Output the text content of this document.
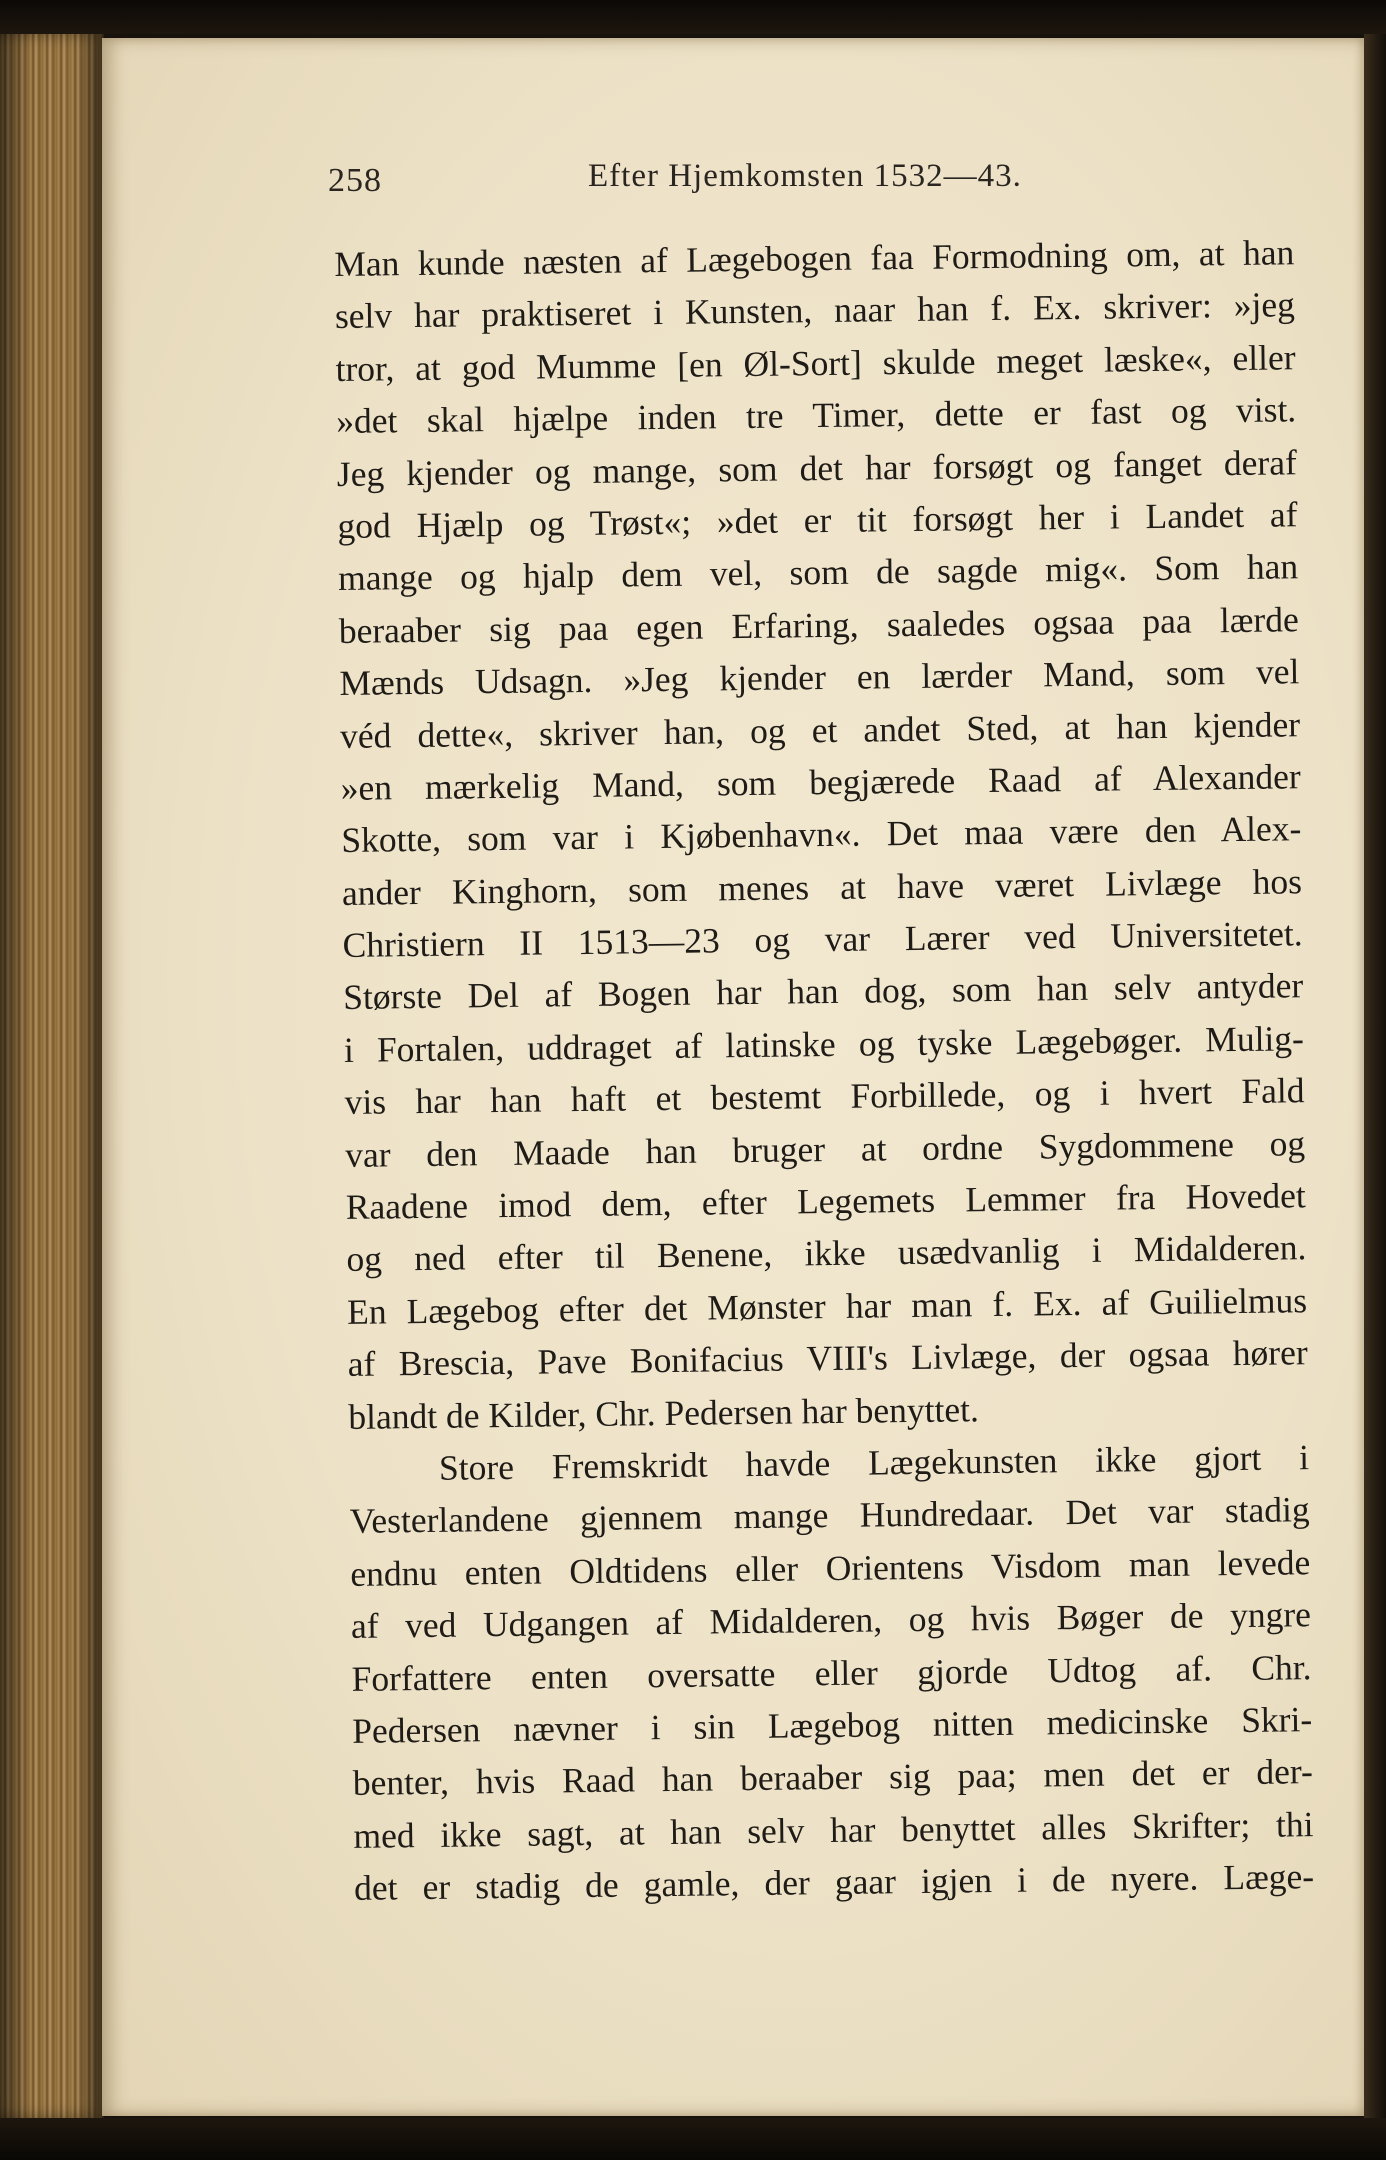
258	Efter Hjemkomsten 1532—43.
Man kunde næsten af Lægebogen faa Formodning om, at han
selv har praktiseret i Kunsten, naar han f. Ex. skriver: »jeg
tror, at god Mumme [en Øl-Sort] skulde meget læske«, eller
»det skal hjælpe inden tre Timer, dette er fast og vist.
Jeg kjender og mange, som det har forsøgt og fanget deraf
god Hjælp og Trøst«; »det er tit forsøgt her i Landet af
mange og hjalp dem vel, som de sagde mig«. Som han
beraaber sig paa egen Erfaring, saaledes ogsaa paa lærde
Mænds Udsagn. »Jeg kjender en lærder Mand, som vel
véd dette«, skriver han, og et andet Sted, at han kjender
»en mærkelig Mand, som begjærede Raad af Alexander
Skotte, som var i Kjøbenhavn«. Det maa være den Alex-
ander Kinghorn, som menes at have været Livlæge hos
Christiern II 1513—23 og var Lærer ved Universitetet.
Største Del af Bogen har han dog, som han selv antyder
i Fortalen, uddraget af latinske og tyske Lægebøger. Mulig-
vis har han haft et bestemt Forbillede, og i hvert Fald
var den Maade han bruger at ordne Sygdommene og
Raadene imod dem, efter Legemets Lemmer fra Hovedet
og ned efter til Benene, ikke usædvanlig i Midalderen.
En Lægebog efter det Mønster har man f. Ex. af Guilielmus
af Brescia, Pave Bonifacius VIII's Livlæge, der ogsaa hører
blandt de Kilder, Chr. Pedersen har benyttet.
Store Fremskridt havde Lægekunsten ikke gjort i
Vesterlandene gjennem mange Hundredaar. Det var stadig
endnu enten Oldtidens eller Orientens Visdom man levede
af ved Udgangen af Midalderen, og hvis Bøger de yngre
Forfattere enten oversatte eller gjorde Udtog af. Chr.
Pedersen nævner i sin Lægebog nitten medicinske Skri-
benter, hvis Raad han beraaber sig paa; men det er der-
med ikke sagt, at han selv har benyttet alles Skrifter; thi
det er stadig de gamle, der gaar igjen i de nyere. Læge-
